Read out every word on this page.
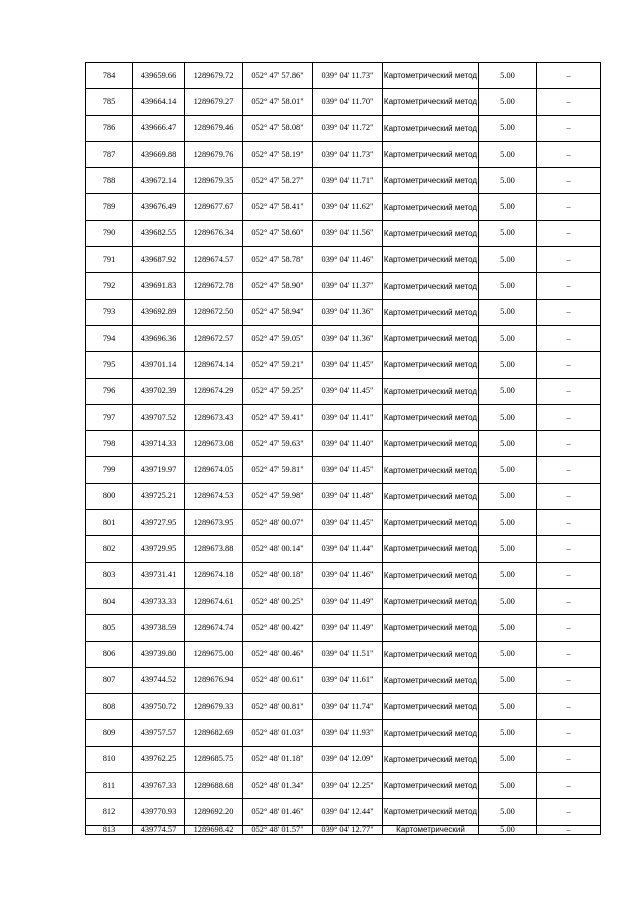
784	439659.66	1289679.72	052° 47' 57.86"	039° 04' 11.73"	Картометрический метод	5.00	–
785	439664.14	1289679.27	052° 47' 58.01"	039° 04' 11.70"	Картометрический метод	5.00	–
786	439666.47	1289679.46	052° 47' 58.08"	039° 04' 11.72"	Картометрический метод	5.00	–
787	439669.88	1289679.76	052° 47' 58.19"	039° 04' 11.73"	Картометрический метод	5.00	–
788	439672.14	1289679.35	052° 47' 58.27"	039° 04' 11.71"	Картометрический метод	5.00	–
789	439676.49	1289677.67	052° 47' 58.41"	039° 04' 11.62"	Картометрический метод	5.00	–
790	439682.55	1289676.34	052° 47' 58.60"	039° 04' 11.56"	Картометрический метод	5.00	–
791	439687.92	1289674.57	052° 47' 58.78"	039° 04' 11.46"	Картометрический метод	5.00	–
792	439691.83	1289672.78	052° 47' 58.90"	039° 04' 11.37"	Картометрический метод	5.00	–
793	439692.89	1289672.50	052° 47' 58.94"	039° 04' 11.36"	Картометрический метод	5.00	–
794	439696.36	1289672.57	052° 47' 59.05"	039° 04' 11.36"	Картометрический метод	5.00	–
795	439701.14	1289674.14	052° 47' 59.21"	039° 04' 11.45"	Картометрический метод	5.00	–
796	439702.39	1289674.29	052° 47' 59.25"	039° 04' 11.45"	Картометрический метод	5.00	–
797	439707.52	1289673.43	052° 47' 59.41"	039° 04' 11.41"	Картометрический метод	5.00	–
798	439714.33	1289673.08	052° 47' 59.63"	039° 04' 11.40"	Картометрический метод	5.00	–
799	439719.97	1289674.05	052° 47' 59.81"	039° 04' 11.45"	Картометрический метод	5.00	–
800	439725.21	1289674.53	052° 47' 59.98"	039° 04' 11.48"	Картометрический метод	5.00	–
801	439727.95	1289673.95	052° 48' 00.07"	039° 04' 11.45"	Картометрический метод	5.00	–
802	439729.95	1289673.88	052° 48' 00.14"	039° 04' 11.44"	Картометрический метод	5.00	–
803	439731.41	1289674.18	052° 48' 00.18"	039° 04' 11.46"	Картометрический метод	5.00	–
804	439733.33	1289674.61	052° 48' 00.25"	039° 04' 11.49"	Картометрический метод	5.00	–
805	439738.59	1289674.74	052° 48' 00.42"	039° 04' 11.49"	Картометрический метод	5.00	–
806	439739.80	1289675.00	052° 48' 00.46"	039° 04' 11.51"	Картометрический метод	5.00	–
807	439744.52	1289676.94	052° 48' 00.61"	039° 04' 11.61"	Картометрический метод	5.00	–
808	439750.72	1289679.33	052° 48' 00.81"	039° 04' 11.74"	Картометрический метод	5.00	–
809	439757.57	1289682.69	052° 48' 01.03"	039° 04' 11.93"	Картометрический метод	5.00	–
810	439762.25	1289685.75	052° 48' 01.18"	039° 04' 12.09"	Картометрический метод	5.00	–
811	439767.33	1289688.68	052° 48' 01.34"	039° 04' 12.25"	Картометрический метод	5.00	–
812	439770.93	1289692.20	052° 48' 01.46"	039° 04' 12.44"	Картометрический метод	5.00	–
813	439774.57	1289698.42	052° 48' 01.57"	039° 04' 12.77"	Картометрический	5.00	–
